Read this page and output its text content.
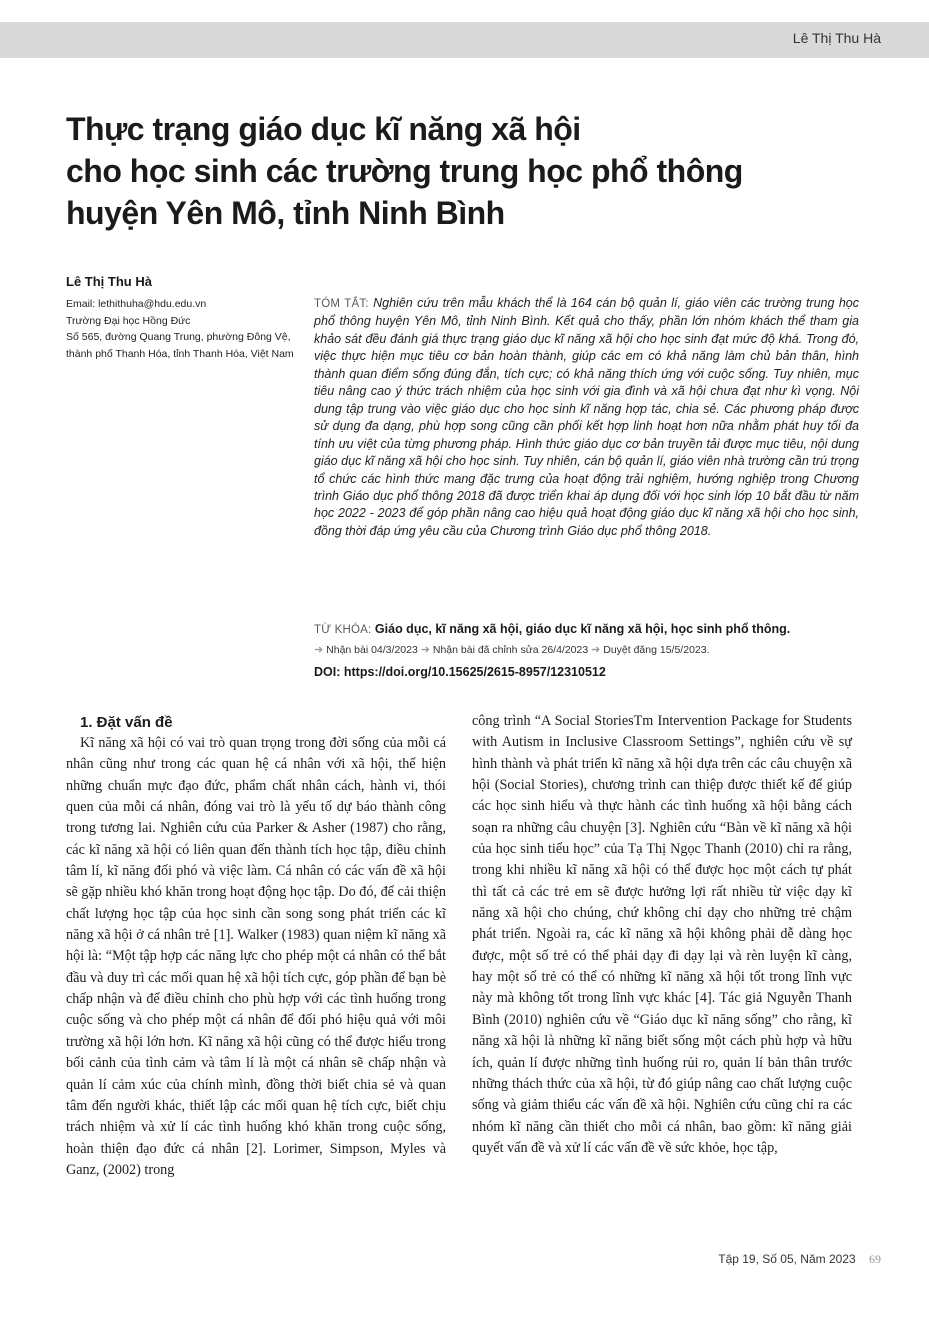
Lê Thị Thu Hà
Thực trạng giáo dục kĩ năng xã hội
cho học sinh các trường trung học phổ thông
huyện Yên Mô, tỉnh Ninh Bình
Lê Thị Thu Hà
Email: lethithuha@hdu.edu.vn
Trường Đại học Hồng Đức
Số 565, đường Quang Trung, phường Đông Vệ,
thành phố Thanh Hóa, tỉnh Thanh Hóa, Việt Nam
TÓM TẮT: Nghiên cứu trên mẫu khách thể là 164 cán bộ quản lí, giáo viên các trường trung học phổ thông huyện Yên Mô, tỉnh Ninh Bình. Kết quả cho thấy, phần lớn nhóm khách thể tham gia khảo sát đều đánh giá thực trạng giáo dục kĩ năng xã hội cho học sinh đạt mức độ khá. Trong đó, việc thực hiện mục tiêu cơ bản hoàn thành, giúp các em có khả năng làm chủ bản thân, hình thành quan điểm sống đúng đắn, tích cực; có khả năng thích ứng với cuộc sống. Tuy nhiên, mục tiêu nâng cao ý thức trách nhiệm của học sinh với gia đình và xã hội chưa đạt như kì vọng. Nội dung tập trung vào việc giáo dục cho học sinh kĩ năng hợp tác, chia sẻ. Các phương pháp được sử dụng đa dạng, phù hợp song cũng cần phối kết hợp linh hoạt hơn nữa nhằm phát huy tối đa tính ưu việt của từng phương pháp. Hình thức giáo dục cơ bản truyền tải được mục tiêu, nội dung giáo dục kĩ năng xã hội cho học sinh. Tuy nhiên, cán bộ quản lí, giáo viên nhà trường cần trú trọng tổ chức các hình thức mang đặc trưng của hoạt động trải nghiệm, hướng nghiệp trong Chương trình Giáo dục phổ thông 2018 đã được triển khai áp dụng đối với học sinh lớp 10 bắt đầu từ năm học 2022 - 2023 để góp phần nâng cao hiệu quả hoạt động giáo dục kĩ năng xã hội cho học sinh, đồng thời đáp ứng yêu cầu của Chương trình Giáo dục phổ thông 2018.
TỪ KHÓA: Giáo dục, kĩ năng xã hội, giáo dục kĩ năng xã hội, học sinh phổ thông.
➜ Nhận bài 04/3/2023 ➜ Nhận bài đã chỉnh sửa 26/4/2023 ➜ Duyệt đăng 15/5/2023.
DOI: https://doi.org/10.15625/2615-8957/12310512
1. Đặt vấn đề

Kĩ năng xã hội có vai trò quan trọng trong đời sống của mỗi cá nhân cũng như trong các quan hệ cá nhân với xã hội, thể hiện những chuẩn mực đạo đức, phẩm chất nhân cách, hành vi, thói quen của mỗi cá nhân, đóng vai trò là yếu tố dự báo thành công trong tương lai. Nghiên cứu của Parker & Asher (1987) cho rằng, các kĩ năng xã hội có liên quan đến thành tích học tập, điều chỉnh tâm lí, kĩ năng đối phó và việc làm. Cá nhân có các vấn đề xã hội sẽ gặp nhiều khó khăn trong hoạt động học tập. Do đó, để cải thiện chất lượng học tập của học sinh cần song song phát triển các kĩ năng xã hội ở cá nhân trẻ [1]. Walker (1983) quan niệm kĩ năng xã hội là: “Một tập hợp các năng lực cho phép một cá nhân có thể bắt đầu và duy trì các mối quan hệ xã hội tích cực, góp phần để bạn bè chấp nhận và để điều chỉnh cho phù hợp với các tình huống trong cuộc sống và cho phép một cá nhân để đối phó hiệu quả với môi trường xã hội lớn hơn. Kĩ năng xã hội cũng có thể được hiểu trong bối cảnh của tình cảm và tâm lí là một cá nhân sẽ chấp nhận và quản lí cảm xúc của chính mình, đồng thời biết chia sẻ và quan tâm đến người khác, thiết lập các mối quan hệ tích cực, biết chịu trách nhiệm và xử lí các tình huống khó khăn trong cuộc sống, hoàn thiện đạo đức cá nhân [2]. Lorimer, Simpson, Myles và Ganz, (2002) trong

công trình “A Social StoriesTm Intervention Package for Students with Autism in Inclusive Classroom Settings”, nghiên cứu về sự hình thành và phát triển kĩ năng xã hội dựa trên các câu chuyện xã hội (Social Stories), chương trình can thiệp được thiết kế để giúp các học sinh hiểu và thực hành các tình huống xã hội bằng cách soạn ra những câu chuyện [3]. Nghiên cứu “Bàn về kĩ năng xã hội của học sinh tiểu học” của Tạ Thị Ngọc Thanh (2010) chỉ ra rằng, trong khi nhiều kĩ năng xã hội có thể được học một cách tự phát thì tất cả các trẻ em sẽ được hưởng lợi rất nhiều từ việc dạy kĩ năng xã hội cho chúng, chứ không chỉ dạy cho những trẻ chậm phát triển. Ngoài ra, các kĩ năng xã hội không phải dễ dàng học được, một số trẻ có thể phải dạy đi dạy lại và rèn luyện kĩ càng, hay một số trẻ có thể có những kĩ năng xã hội tốt trong lĩnh vực này mà không tốt trong lĩnh vực khác [4]. Tác giả Nguyễn Thanh Bình (2010) nghiên cứu về “Giáo dục kĩ năng sống” cho rằng, kĩ năng xã hội là những kĩ năng biết sống một cách phù hợp và hữu ích, quản lí được những tình huống rủi ro, quản lí bản thân trước những thách thức của xã hội, từ đó giúp nâng cao chất lượng cuộc sống và giảm thiểu các vấn đề xã hội. Nghiên cứu cũng chỉ ra các nhóm kĩ năng cần thiết cho mỗi cá nhân, bao gồm: kĩ năng giải quyết vấn đề và xử lí các vấn đề về sức khỏe, học tập,

Tập 19, Số 05, Năm 2023 69
